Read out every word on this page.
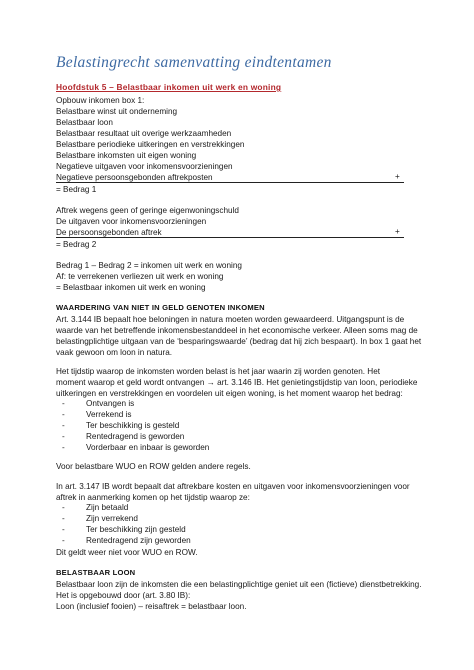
Belastingrecht samenvatting eindtentamen
Hoofdstuk 5 – Belastbaar inkomen uit werk en woning
Opbouw inkomen box 1:
Belastbare winst uit onderneming
Belastbaar loon
Belastbaar resultaat uit overige werkzaamheden
Belastbare periodieke uitkeringen en verstrekkingen
Belastbare inkomsten uit eigen woning
Negatieve uitgaven voor inkomensvoorzieningen
Negatieve persoonsgebonden aftrekposten	+
= Bedrag 1
Aftrek wegens geen of geringe eigenwoningschuld
De uitgaven voor inkomensvoorzieningen
De persoonsgebonden aftrek	+
= Bedrag 2
Bedrag 1 – Bedrag 2 = inkomen uit werk en woning
Af: te verrekenen verliezen uit werk en woning
= Belastbaar inkomen uit werk en woning
WAARDERING VAN NIET IN GELD GENOTEN INKOMEN
Art. 3.144 IB bepaalt hoe beloningen in natura moeten worden gewaardeerd. Uitgangspunt is de
waarde van het betreffende inkomensbestanddeel in het economische verkeer. Alleen soms mag de
belastingplichtige uitgaan van de ‘besparingswaarde’ (bedrag dat hij zich bespaart). In box 1 gaat het
vaak gewoon om loon in natura.
Het tijdstip waarop de inkomsten worden belast is het jaar waarin zij worden genoten. Het
moment waarop et geld wordt ontvangen → art. 3.146 IB. Het genietingstijdstip van loon, periodieke
uitkeringen en verstrekkingen en voordelen uit eigen woning, is het moment waarop het bedrag:
-	Ontvangen is
-	Verrekend is
-	Ter beschikking is gesteld
-	Rentedragend is geworden
-	Vorderbaar en inbaar is geworden
Voor belastbare WUO en ROW gelden andere regels.
In art. 3.147 IB wordt bepaalt dat aftrekbare kosten en uitgaven voor inkomensvoorzieningen voor
aftrek in aanmerking komen op het tijdstip waarop ze:
-	Zijn betaald
-	Zijn verrekend
-	Ter beschikking zijn gesteld
-	Rentedragend zijn geworden
Dit geldt weer niet voor WUO en ROW.
BELASTBAAR LOON
Belastbaar loon zijn de inkomsten die een belastingplichtige geniet uit een (fictieve) dienstbetrekking.
Het is opgebouwd door (art. 3.80 IB):
Loon (inclusief fooien) – reisaftrek = belastbaar loon.
